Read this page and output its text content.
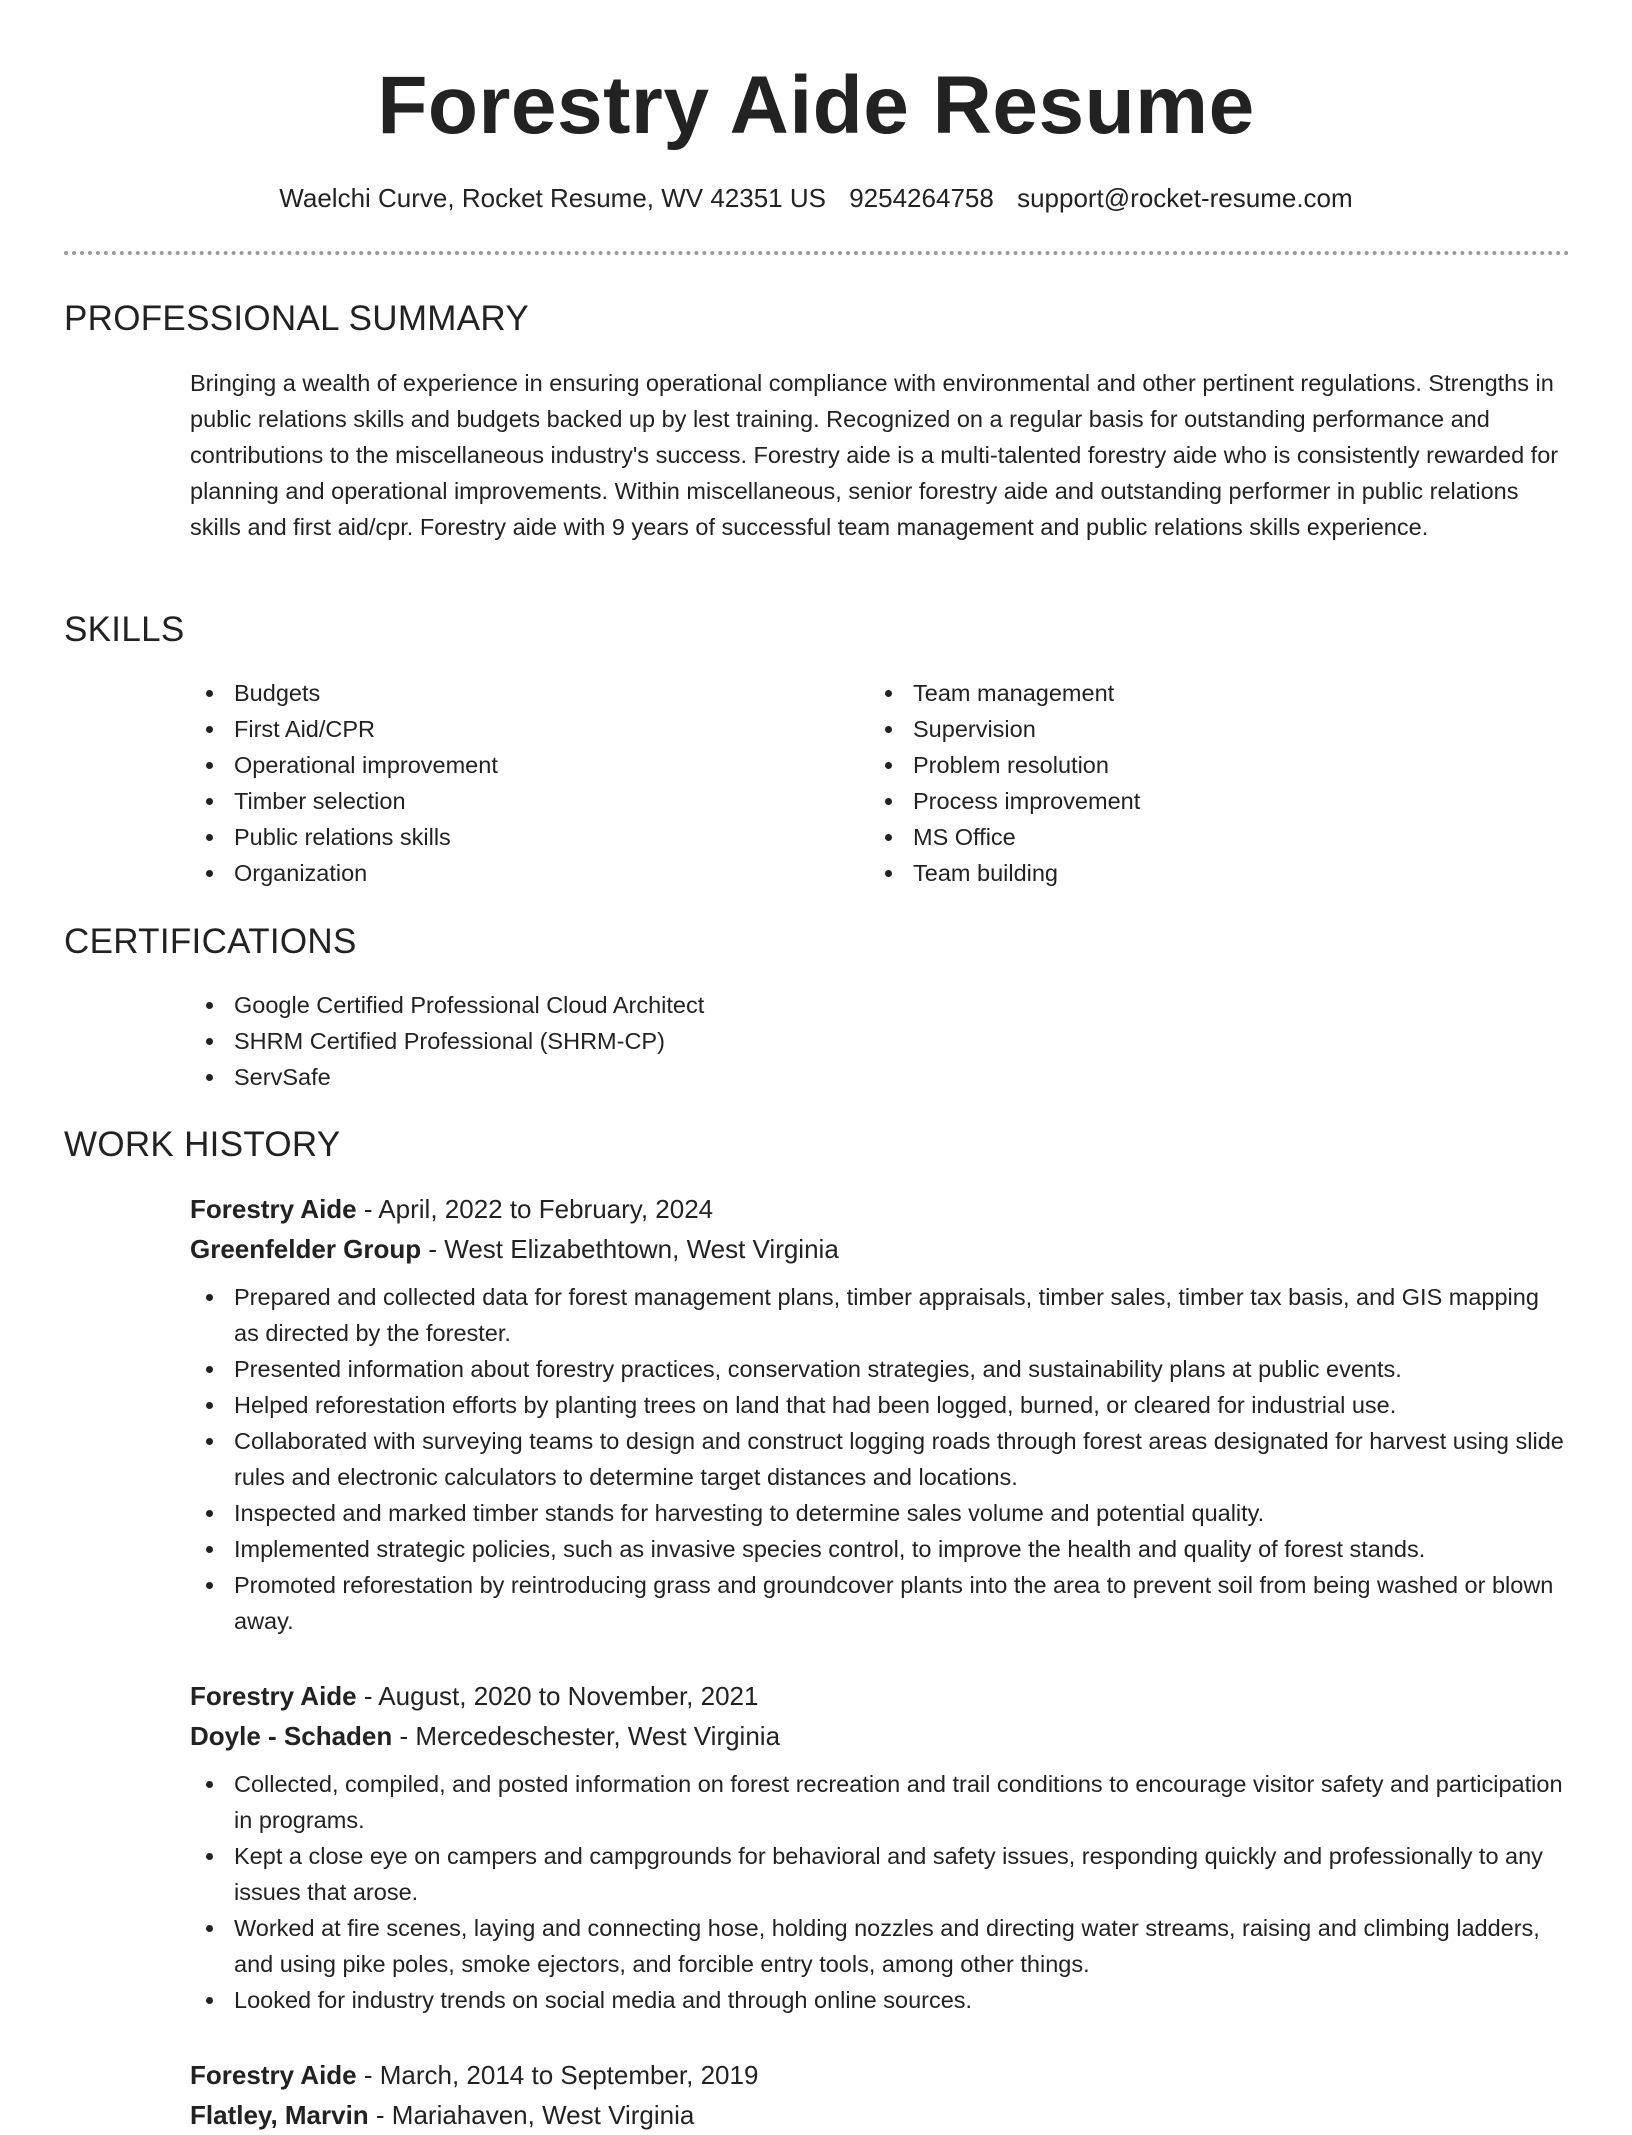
Forestry Aide Resume
Waelchi Curve, Rocket Resume, WV 42351 US 9254264758 support@rocket-resume.com
PROFESSIONAL SUMMARY

Bringing a wealth of experience in ensuring operational compliance with environmental and other pertinent regulations. Strengths in public relations skills and budgets backed up by lest training. Recognized on a regular basis for outstanding performance and contributions to the miscellaneous industry's success. Forestry aide is a multi-talented forestry aide who is consistently rewarded for planning and operational improvements. Within miscellaneous, senior forestry aide and outstanding performer in public relations skills and first aid/cpr. Forestry aide with 9 years of successful team management and public relations skills experience.

SKILLS
Budgets
First Aid/CPR
Operational improvement
Timber selection
Public relations skills
Organization
Team management
Supervision
Problem resolution
Process improvement
MS Office
Team building
CERTIFICATIONS
Google Certified Professional Cloud Architect
SHRM Certified Professional (SHRM-CP)
ServSafe
WORK HISTORY
Forestry Aide - April, 2022 to February, 2024
Greenfelder Group - West Elizabethtown, West Virginia
Prepared and collected data for forest management plans, timber appraisals, timber sales, timber tax basis, and GIS mapping as directed by the forester.
Presented information about forestry practices, conservation strategies, and sustainability plans at public events.
Helped reforestation efforts by planting trees on land that had been logged, burned, or cleared for industrial use.
Collaborated with surveying teams to design and construct logging roads through forest areas designated for harvest using slide rules and electronic calculators to determine target distances and locations.
Inspected and marked timber stands for harvesting to determine sales volume and potential quality.
Implemented strategic policies, such as invasive species control, to improve the health and quality of forest stands.
Promoted reforestation by reintroducing grass and groundcover plants into the area to prevent soil from being washed or blown away.
Forestry Aide - August, 2020 to November, 2021
Doyle - Schaden - Mercedeschester, West Virginia
Collected, compiled, and posted information on forest recreation and trail conditions to encourage visitor safety and participation in programs.
Kept a close eye on campers and campgrounds for behavioral and safety issues, responding quickly and professionally to any issues that arose.
Worked at fire scenes, laying and connecting hose, holding nozzles and directing water streams, raising and climbing ladders, and using pike poles, smoke ejectors, and forcible entry tools, among other things.
Looked for industry trends on social media and through online sources.
Forestry Aide - March, 2014 to September, 2019
Flatley, Marvin - Mariahaven, West Virginia
